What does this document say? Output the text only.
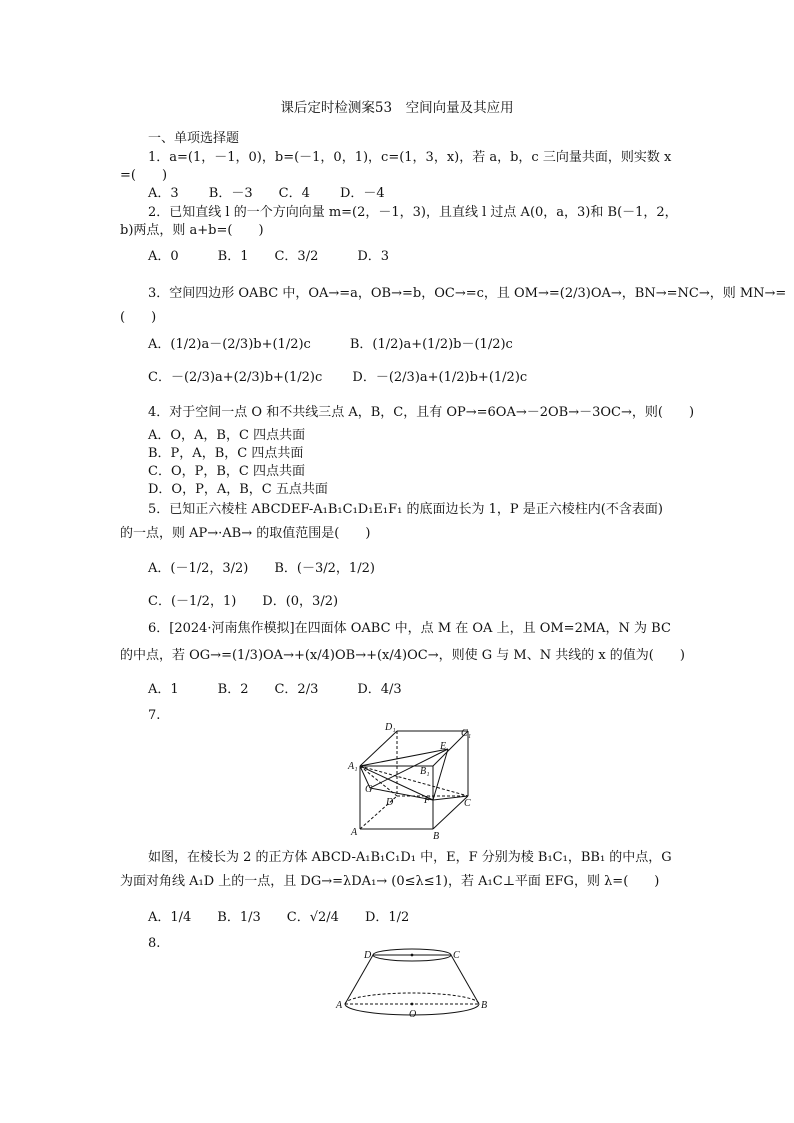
课后定时检测案53　空间向量及其应用
一、单项选择题
1．a=(1，－1，0)，b=(－1，0，1)，c=(1，3，x)，若 a，b，c 三向量共面，则实数 x
=(　　)
A．3　　 B．－3　　C．4　　 D．－4
2．已知直线 l 的一个方向向量 m=(2，－1，3)，且直线 l 过点 A(0，a，3)和 B(－1，2，
b)两点，则 a+b=(　　)
A．0　　　B．1　　C．3/2　　　D．3
3．空间四边形 OABC 中，OA→=a，OB→=b，OC→=c，且 OM→=(2/3)OA→，BN→=NC→，则 MN→=
(　　)
A．(1/2)a－(2/3)b+(1/2)c　　　B．(1/2)a+(1/2)b－(1/2)c
C．－(2/3)a+(2/3)b+(1/2)c　　 D．－(2/3)a+(1/2)b+(1/2)c
4．对于空间一点 O 和不共线三点 A，B，C，且有 OP→=6OA→－2OB→－3OC→，则(　　)
A．O，A，B，C 四点共面
B．P，A，B，C 四点共面
C．O，P，B，C 四点共面
D．O，P，A，B，C 五点共面
5．已知正六棱柱 ABCDEF-A₁B₁C₁D₁E₁F₁ 的底面边长为 1，P 是正六棱柱内(不含表面)
的一点，则 AP→·AB→ 的取值范围是(　　)
A．(－1/2，3/2)　　B．(－3/2，1/2)
C．(－1/2，1)　　D．(0，3/2)
6．[2024·河南焦作模拟]在四面体 OABC 中，点 M 在 OA 上，且 OM=2MA，N 为 BC
的中点，若 OG→=(1/3)OA→+(x/4)OB→+(x/4)OC→，则使 G 与 M、N 共线的 x 的值为(　　)
A．1　　　B．2　　C．2/3　　　D．4/3
7.
D₁
C₁
A₁	B₁
E
G
F
D	C
A	B
如图，在棱长为 2 的正方体 ABCD-A₁B₁C₁D₁ 中，E，F 分别为棱 B₁C₁，BB₁ 的中点，G
为面对角线 A₁D 上的一点，且 DG→=λDA₁→ (0≤λ≤1)，若 A₁C⊥平面 EFG，则 λ=(　　)
A．1/4　　B．1/3　　C．√2/4　　D．1/2
8.
D	C
A	B
O
